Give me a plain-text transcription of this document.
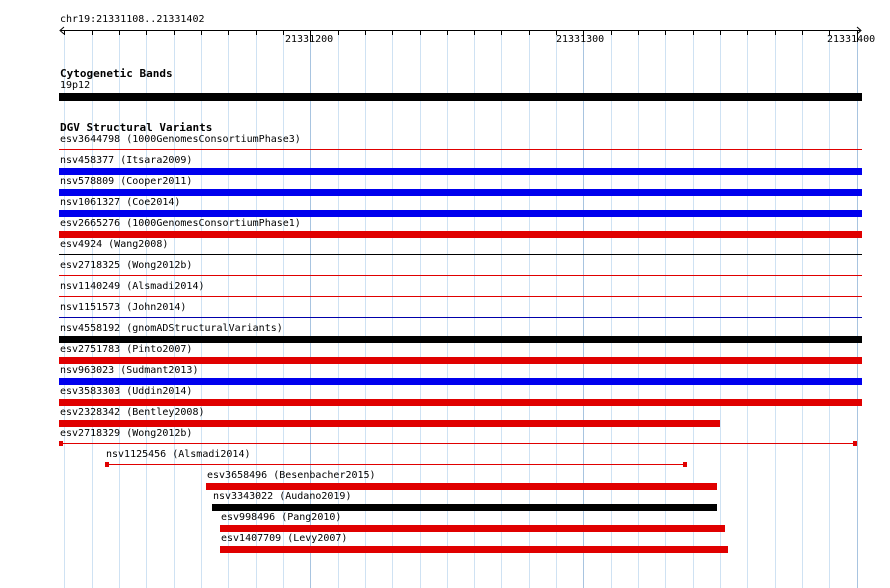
chr19:21331108..21331402
21331200	21331300	21331400
Cytogenetic Bands
19p12
DGV Structural Variants
esv3644798 (1000GenomesConsortiumPhase3)
nsv458377 (Itsara2009)
nsv578809 (Cooper2011)
nsv1061327 (Coe2014)
esv2665276 (1000GenomesConsortiumPhase1)
esv4924 (Wang2008)
esv2718325 (Wong2012b)
nsv1140249 (Alsmadi2014)
nsv1151573 (John2014)
nsv4558192 (gnomADStructuralVariants)
esv2751783 (Pinto2007)
nsv963023 (Sudmant2013)
esv3583303 (Uddin2014)
esv2328342 (Bentley2008)
esv2718329 (Wong2012b)
nsv1125456 (Alsmadi2014)
esv3658496 (Besenbacher2015)
nsv3343022 (Audano2019)
esv998496 (Pang2010)
esv1407709 (Levy2007)
